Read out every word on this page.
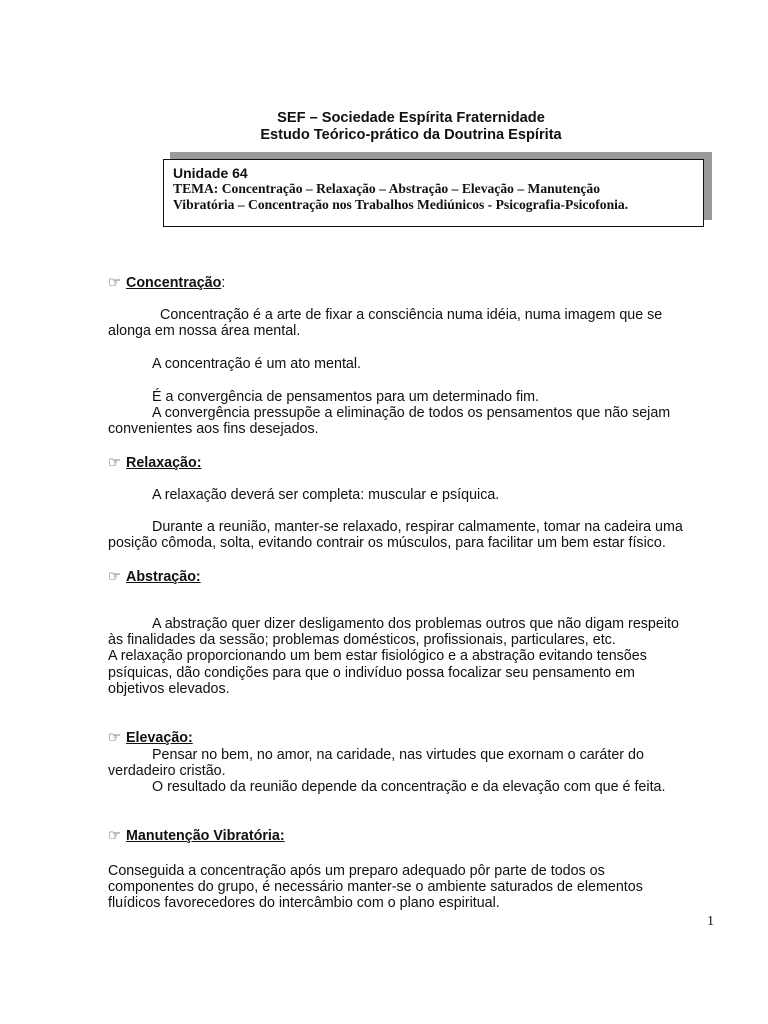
SEF – Sociedade Espírita Fraternidade
Estudo Teórico-prático da Doutrina Espírita
Unidade 64
TEMA: Concentração – Relaxação – Abstração – Elevação – Manutenção
Vibratória – Concentração nos Trabalhos Mediúnicos - Psicografia-Psicofonia.
☞ Concentração:
Concentração é a arte de fixar a consciência numa idéia, numa imagem que se
alonga em nossa área mental.
A concentração é um ato mental.
É a convergência de pensamentos para um determinado fim.
A convergência pressupõe a eliminação de todos os pensamentos que não sejam
convenientes aos fins desejados.
☞ Relaxação:
A relaxação deverá ser completa: muscular e psíquica.
Durante a reunião, manter-se relaxado, respirar calmamente, tomar na cadeira uma
posição cômoda, solta, evitando contrair os músculos, para facilitar um bem estar físico.
☞ Abstração:
A abstração quer dizer desligamento dos problemas outros que não digam respeito
às finalidades da sessão; problemas domésticos, profissionais, particulares, etc.
A relaxação proporcionando um bem estar fisiológico e a abstração evitando tensões
psíquicas, dão condições para que o indivíduo possa focalizar seu pensamento em
objetivos elevados.
☞ Elevação:
Pensar no bem, no amor, na caridade, nas virtudes que exornam o caráter do
verdadeiro cristão.
O resultado da reunião depende da concentração e da elevação com que é feita.
☞ Manutenção Vibratória:
Conseguida a concentração após um preparo adequado pôr parte de todos os
componentes do grupo, é necessário manter-se o ambiente saturados de elementos
fluídicos favorecedores do intercâmbio com o plano espiritual.
1
